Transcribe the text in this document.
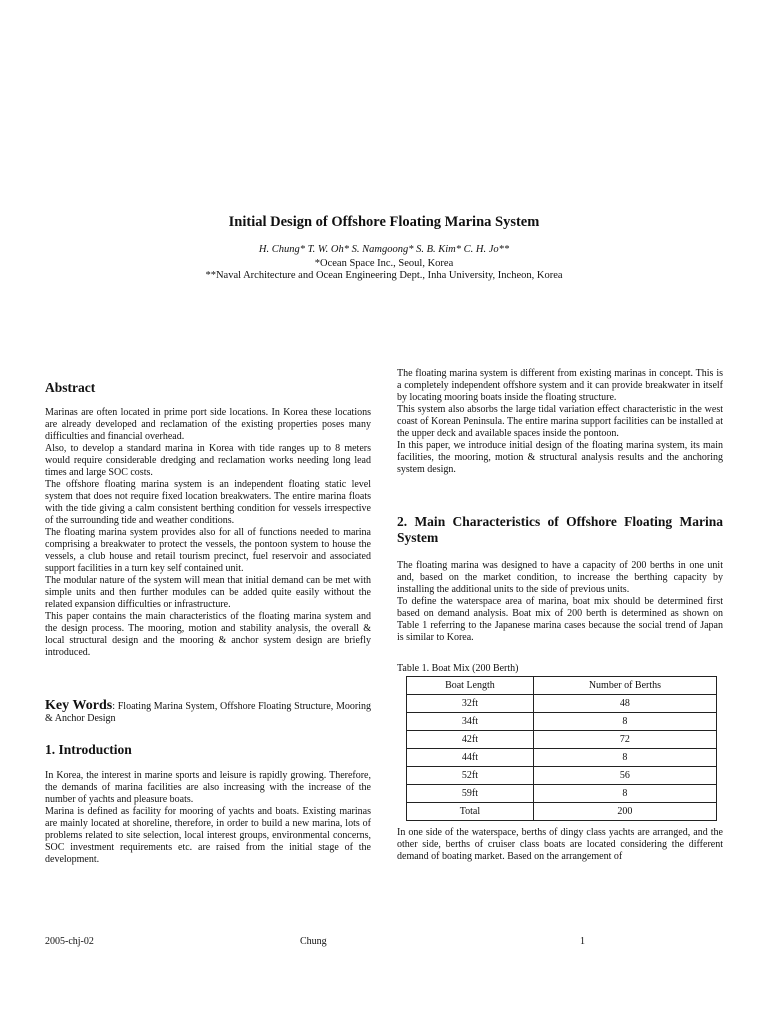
Initial Design of Offshore Floating Marina System
H. Chung* T. W. Oh* S. Namgoong* S. B. Kim* C. H. Jo**
*Ocean Space Inc., Seoul, Korea
**Naval Architecture and Ocean Engineering Dept., Inha University, Incheon, Korea
Abstract

Marinas are often located in prime port side locations. In Korea these locations are already developed and reclamation of the existing properties poses many difficulties and financial overhead.

Also, to develop a standard marina in Korea with tide ranges up to 8 meters would require considerable dredging and reclamation works needing long lead times and large SOC costs.

The offshore floating marina system is an independent floating static level system that does not require fixed location breakwaters. The entire marina floats with the tide giving a calm consistent berthing condition for vessels irrespective of the surrounding tide and weather conditions.

The floating marina system provides also for all of functions needed to marina comprising a breakwater to protect the vessels, the pontoon system to house the vessels, a club house and retail tourism precinct, fuel reservoir and associated support facilities in a turn key self contained unit.

The modular nature of the system will mean that initial demand can be met with simple units and then further modules can be added quite easily without the related expansion difficulties or infrastructure.

This paper contains the main characteristics of the floating marina system and the design process. The mooring, motion and stability analysis, the overall & local structural design and the mooring & anchor system design are briefly introduced.

Key Words: Floating Marina System, Offshore Floating Structure, Mooring & Anchor Design

1. Introduction

In Korea, the interest in marine sports and leisure is rapidly growing. Therefore, the demands of marina facilities are also increasing with the increase of the number of yachts and pleasure boats.

Marina is defined as facility for mooring of yachts and boats. Existing marinas are mainly located at shoreline, therefore, in order to build a new marina, lots of problems related to site selection, local interest groups, environmental concerns, SOC investment requirements etc. are raised from the initial stage of the development.

The floating marina system is different from existing marinas in concept. This is a completely independent offshore system and it can provide breakwater in itself by locating mooring boats inside the floating structure.

This system also absorbs the large tidal variation effect characteristic in the west coast of Korean Peninsula. The entire marina support facilities can be installed at the upper deck and available spaces inside the pontoon.

In this paper, we introduce initial design of the floating marina system, its main facilities, the mooring, motion & structural analysis results and the anchoring system design.

2. Main Characteristics of Offshore Floating Marina System

The floating marina was designed to have a capacity of 200 berths in one unit and, based on the market condition, to increase the berthing capacity by installing the additional units to the side of previous units.

To define the waterspace area of marina, boat mix should be determined first based on demand analysis. Boat mix of 200 berth is determined as shown on Table 1 referring to the Japanese marina cases because the social trend of Japan is similar to Korea.

Table 1. Boat Mix (200 Berth)
Boat Length	Number of Berths
32ft	48
34ft	8
42ft	72
44ft	8
52ft	56
59ft	8
Total	200
In one side of the waterspace, berths of dingy class yachts are arranged, and the other side, berths of cruiser class boats are located considering the different demand of boating market. Based on the arrangement of
2005-chj-02	Chung	1
